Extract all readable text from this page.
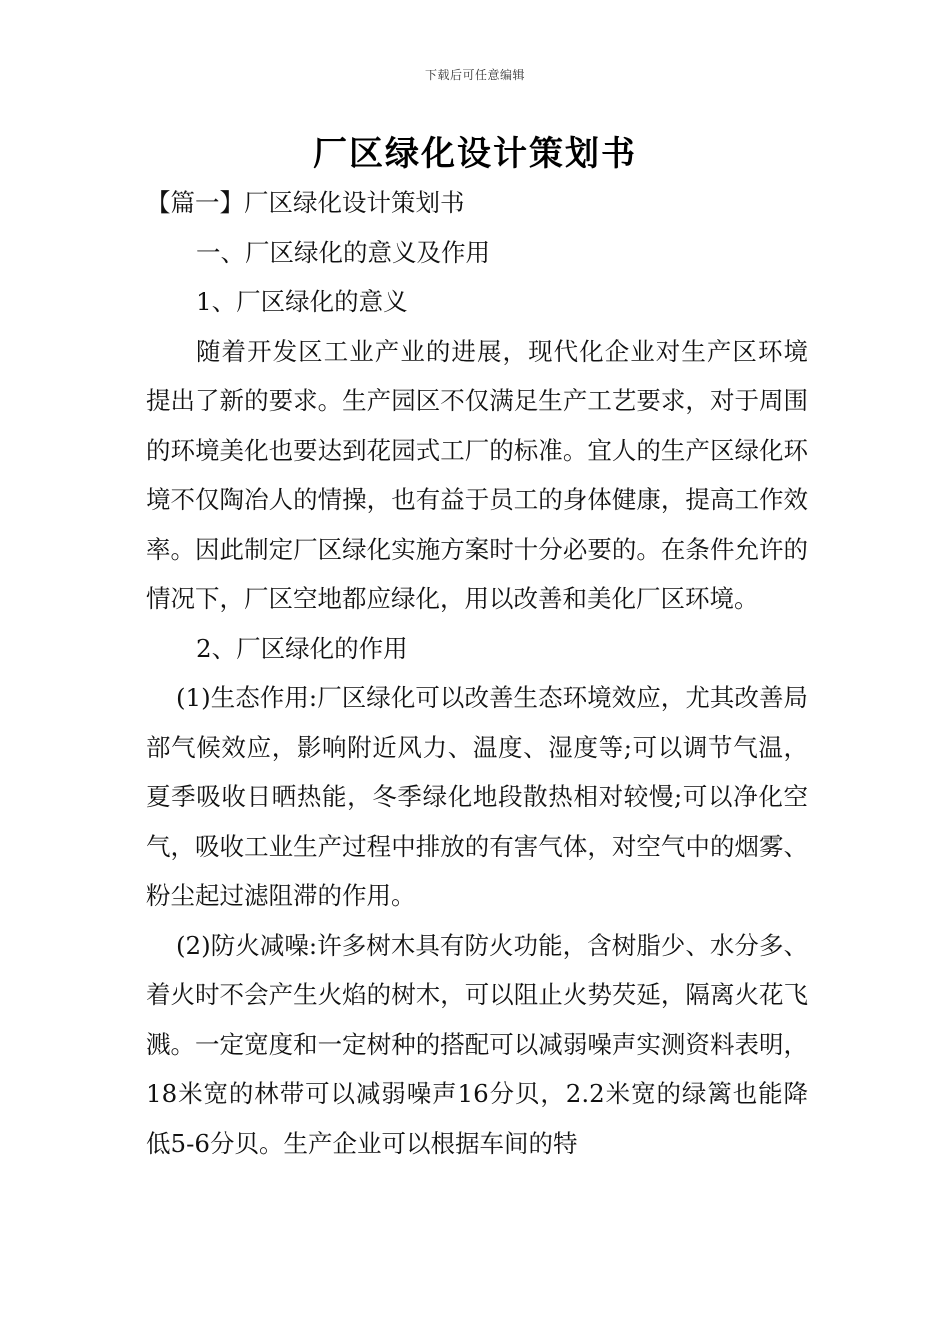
下载后可任意编辑
厂区绿化设计策划书

【篇一】厂区绿化设计策划书

一、厂区绿化的意义及作用

1、厂区绿化的意义

随着开发区工业产业的进展，现代化企业对生产区环境提出了新的要求。生产园区不仅满足生产工艺要求，对于周围的环境美化也要达到花园式工厂的标准。宜人的生产区绿化环境不仅陶冶人的情操，也有益于员工的身体健康，提高工作效率。因此制定厂区绿化实施方案时十分必要的。在条件允许的情况下，厂区空地都应绿化，用以改善和美化厂区环境。

2、厂区绿化的作用

(1)生态作用:厂区绿化可以改善生态环境效应，尤其改善局部气候效应，影响附近风力、温度、湿度等;可以调节气温，夏季吸收日晒热能，冬季绿化地段散热相对较慢;可以净化空气，吸收工业生产过程中排放的有害气体，对空气中的烟雾、粉尘起过滤阻滞的作用。

(2)防火减噪:许多树木具有防火功能，含树脂少、水分多、着火时不会产生火焰的树木，可以阻止火势芡延，隔离火花飞溅。一定宽度和一定树种的搭配可以减弱噪声实测资料表明，18米宽的林带可以减弱噪声16分贝，2.2米宽的绿篱也能降低5-6分贝。生产企业可以根据车间的特
